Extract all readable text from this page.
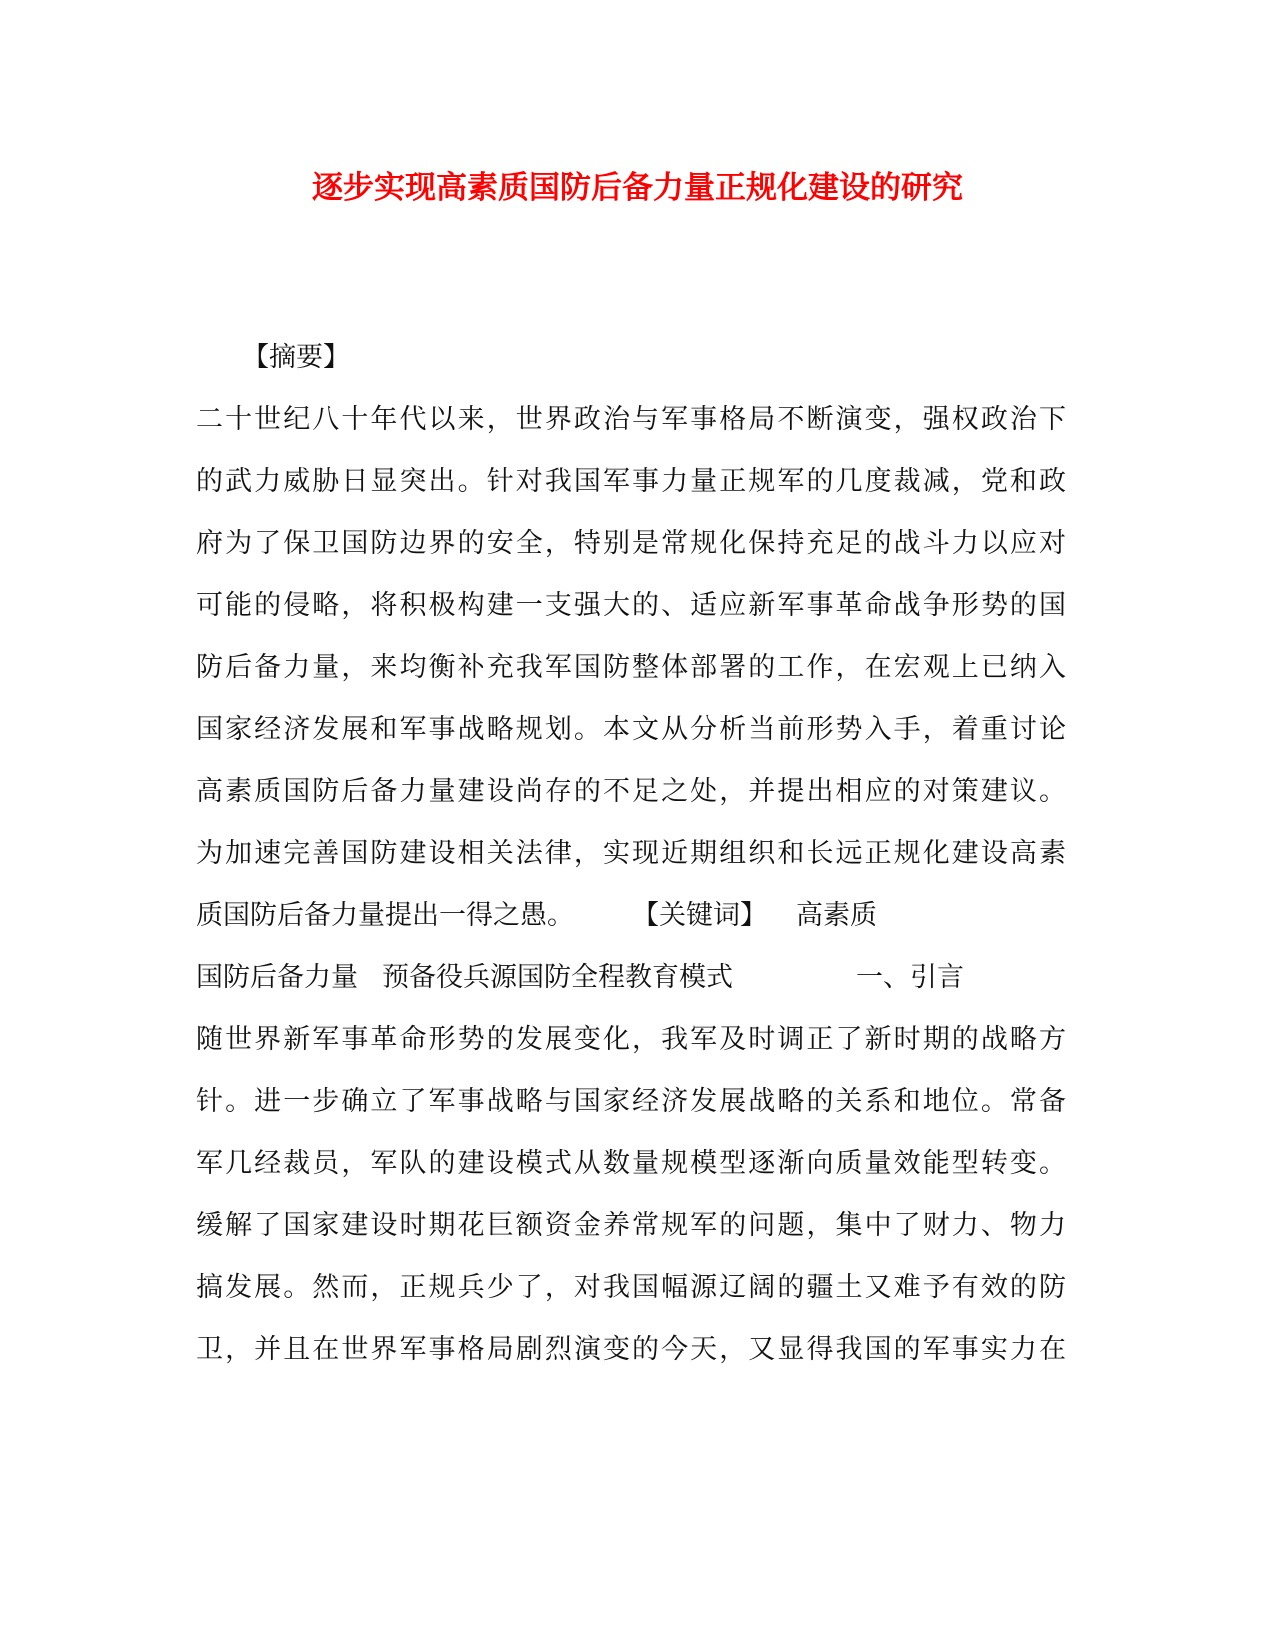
逐步实现高素质国防后备力量正规化建设的研究
【摘要】
二十世纪八十年代以来，世界政治与军事格局不断演变，强权政治下
的武力威胁日显突出。针对我国军事力量正规军的几度裁减，党和政
府为了保卫国防边界的安全，特别是常规化保持充足的战斗力以应对
可能的侵略，将积极构建一支强大的、适应新军事革命战争形势的国
防后备力量，来均衡补充我军国防整体部署的工作，在宏观上已纳入
国家经济发展和军事战略规划。本文从分析当前形势入手，着重讨论
高素质国防后备力量建设尚存的不足之处，并提出相应的对策建议。
为加速完善国防建设相关法律，实现近期组织和长远正规化建设高素
质国防后备力量提出一得之愚。 【关键词】 高素质
国防后备力量 预备役兵源国防全程教育模式	一、引言
随世界新军事革命形势的发展变化，我军及时调正了新时期的战略方
针。进一步确立了军事战略与国家经济发展战略的关系和地位。常备
军几经裁员，军队的建设模式从数量规模型逐渐向质量效能型转变。
缓解了国家建设时期花巨额资金养常规军的问题，集中了财力、物力
搞发展。然而，正规兵少了，对我国幅源辽阔的疆土又难予有效的防
卫，并且在世界军事格局剧烈演变的今天，又显得我国的军事实力在
